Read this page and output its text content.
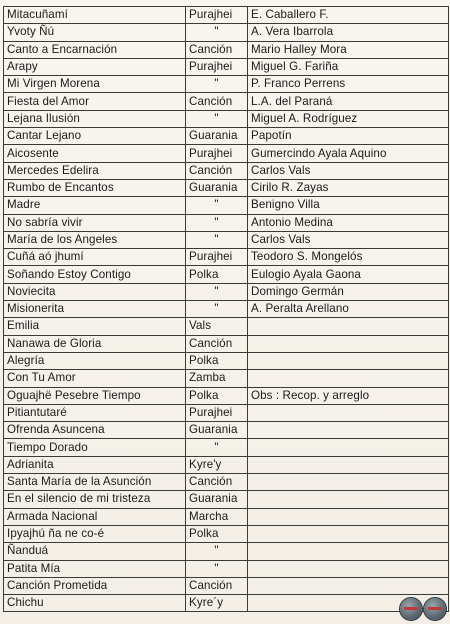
Mitacuñamí	Purajhei	E. Caballero F.
Yvoty Ñú	"	A. Vera Ibarrola
Canto a Encarnación	Canción	Mario Halley Mora
Arapy	Purajhei	Miguel G. Fariña
Mi Virgen Morena	"	P. Franco Perrens
Fiesta del Amor	Canción	L.A. del Paraná
Lejana Ilusión	"	Miguel A. Rodríguez
Cantar Lejano	Guarania	Papotín
Aicosente	Purajhei	Gumercindo Ayala Aquino
Mercedes Edelira	Canción	Carlos Vals
Rumbo de Encantos	Guarania	Cirilo R. Zayas
Madre	"	Benigno Villa
No sabría vivir	"	Antonio Medina
María de los Angeles	"	Carlos Vals
Cuñá aó jhumí	Purajhei	Teodoro S. Mongelós
Soñando Estoy Contigo	Polka	Eulogio Ayala Gaona
Noviecita	"	Domingo Germán
Misionerita	"	A. Peralta Arellano
Emilia	Vals	
Nanawa de Gloria	Canción	
Alegría	Polka	
Con Tu Amor	Zamba	
Oguajhë Pesebre Tiempo	Polka	Obs : Recop. y arreglo
Pitiantutaré	Purajhei	
Ofrenda Asuncena	Guarania	
Tiempo Dorado	"	
Adrianita	Kyre'y	
Santa María de la Asunción	Canción	
En el silencio de mi tristeza	Guarania	
Armada Nacional	Marcha	
Ipyajhú ña ne co-é	Polka	
Ñanduá	"	
Patita Mía	"	
Canción Prometida	Canción	
Chichu	Kyre´y	
